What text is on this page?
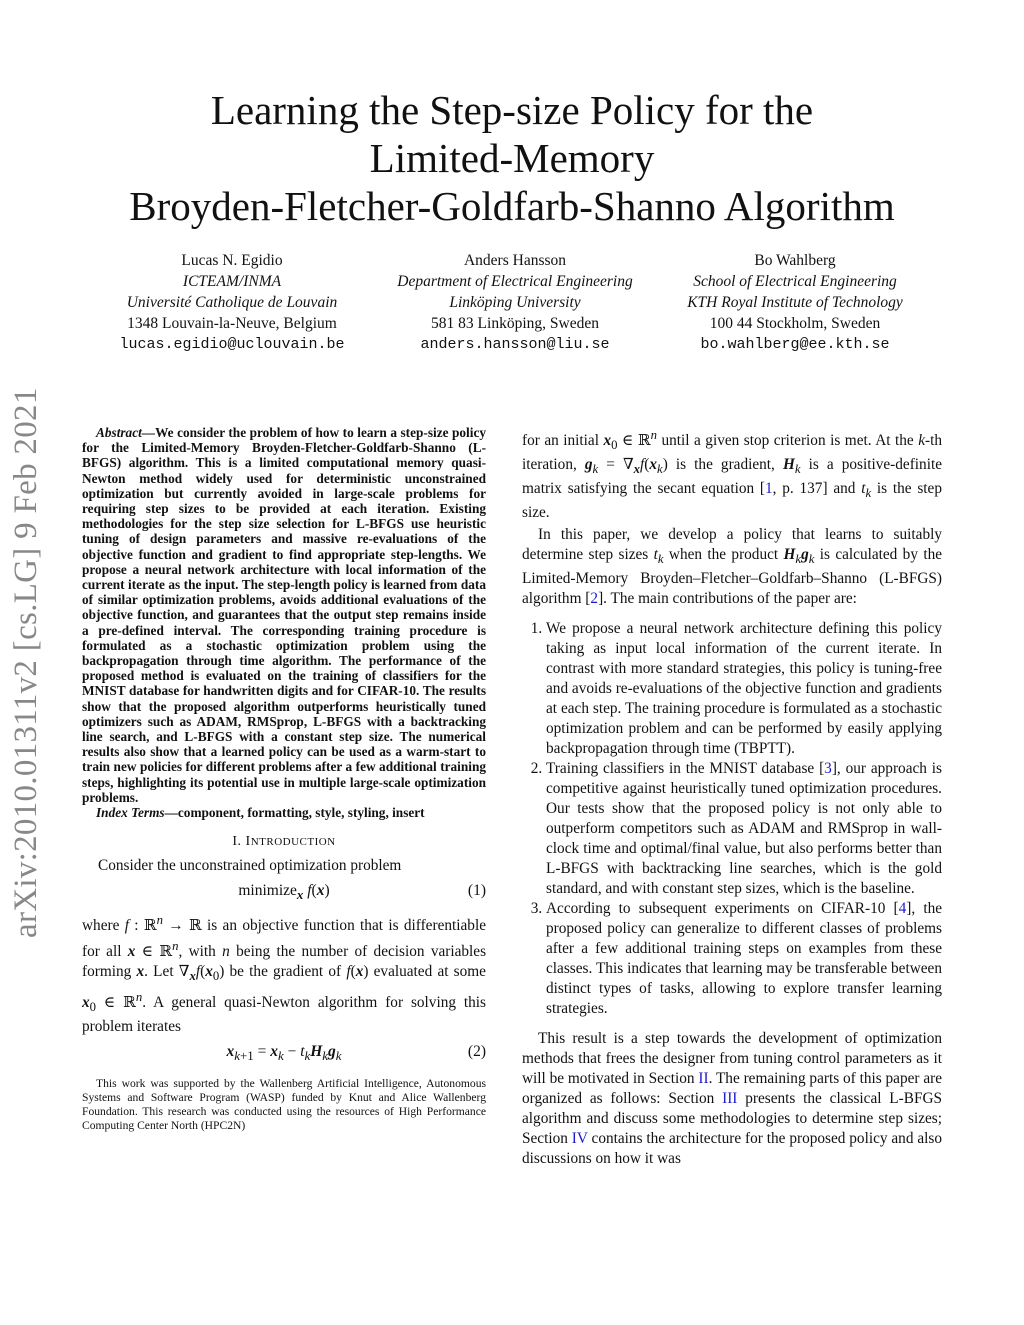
arXiv:2010.01311v2 [cs.LG] 9 Feb 2021
Learning the Step-size Policy for the
Limited-Memory
Broyden-Fletcher-Goldfarb-Shanno Algorithm
Lucas N. Egidio
ICTEAM/INMA
Université Catholique de Louvain
1348 Louvain-la-Neuve, Belgium
lucas.egidio@uclouvain.be
Anders Hansson
Department of Electrical Engineering
Linköping University
581 83 Linköping, Sweden
anders.hansson@liu.se
Bo Wahlberg
School of Electrical Engineering
KTH Royal Institute of Technology
100 44 Stockholm, Sweden
bo.wahlberg@ee.kth.se

Abstract—We consider the problem of how to learn a step-size policy for the Limited-Memory Broyden-Fletcher-Goldfarb-Shanno (L-BFGS) algorithm. This is a limited computational memory quasi-Newton method widely used for deterministic unconstrained optimization but currently avoided in large-scale problems for requiring step sizes to be provided at each iteration. Existing methodologies for the step size selection for L-BFGS use heuristic tuning of design parameters and massive re-evaluations of the objective function and gradient to find appropriate step-lengths. We propose a neural network architecture with local information of the current iterate as the input. The step-length policy is learned from data of similar optimization problems, avoids additional evaluations of the objective function, and guarantees that the output step remains inside a pre-defined interval. The corresponding training procedure is formulated as a stochastic optimization problem using the backpropagation through time algorithm. The performance of the proposed method is evaluated on the training of classifiers for the MNIST database for handwritten digits and for CIFAR-10. The results show that the proposed algorithm outperforms heuristically tuned optimizers such as ADAM, RMSprop, L-BFGS with a backtracking line search, and L-BFGS with a constant step size. The numerical results also show that a learned policy can be used as a warm-start to train new policies for different problems after a few additional training steps, highlighting its potential use in multiple large-scale optimization problems.

Index Terms—component, formatting, style, styling, insert

I. INTRODUCTION

Consider the unconstrained optimization problem

minimize$_x$ f(x)	(1)

where f : ℝ$^n$ → ℝ is an objective function that is differentiable for all x ∈ ℝ$^n$, with n being the number of decision variables forming x. Let $\nabla_xf(x_0)$ be the gradient of f(x) evaluated at some $x_0$ ∈ ℝ$^n$. A general quasi-Newton algorithm for solving this problem iterates

$x_{k+1} = x_k - t_kH_kg_k$	(2)

This work was supported by the Wallenberg Artificial Intelligence, Autonomous Systems and Software Program (WASP) funded by Knut and Alice Wallenberg Foundation. This research was conducted using the resources of High Performance Computing Center North (HPC2N)

for an initial $x_0$ ∈ ℝ$^n$ until a given stop criterion is met. At the k-th iteration, $g_k = \nabla_xf(x_k)$ is the gradient, $H_k$ is a positive-definite matrix satisfying the secant equation [1, p. 137] and $t_k$ is the step size.

In this paper, we develop a policy that learns to suitably determine step sizes $t_k$ when the product $H_kg_k$ is calculated by the Limited-Memory Broyden–Fletcher–Goldfarb–Shanno (L-BFGS) algorithm [2]. The main contributions of the paper are:

1. We propose a neural network architecture defining this policy taking as input local information of the current iterate. In contrast with more standard strategies, this policy is tuning-free and avoids re-evaluations of the objective function and gradients at each step. The training procedure is formulated as a stochastic optimization problem and can be performed by easily applying backpropagation through time (TBPTT).
2. Training classifiers in the MNIST database [3], our approach is competitive against heuristically tuned optimization procedures. Our tests show that the proposed policy is not only able to outperform competitors such as ADAM and RMSprop in wall-clock time and optimal/final value, but also performs better than L-BFGS with backtracking line searches, which is the gold standard, and with constant step sizes, which is the baseline.
3. According to subsequent experiments on CIFAR-10 [4], the proposed policy can generalize to different classes of problems after a few additional training steps on examples from these classes. This indicates that learning may be transferable between distinct types of tasks, allowing to explore transfer learning strategies.

This result is a step towards the development of optimization methods that frees the designer from tuning control parameters as it will be motivated in Section II. The remaining parts of this paper are organized as follows: Section III presents the classical L-BFGS algorithm and discuss some methodologies to determine step sizes; Section IV contains the architecture for the proposed policy and also discussions on how it was
